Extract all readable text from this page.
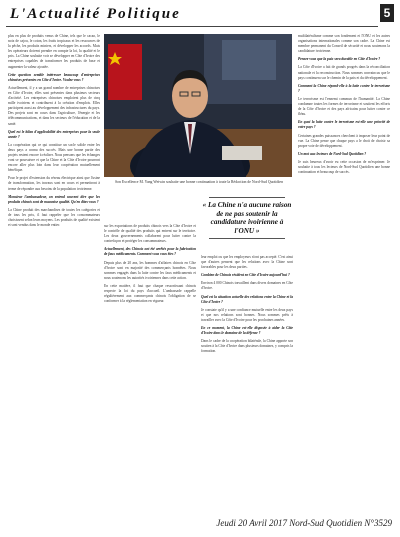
L'Actualité Politique	5

plus en plus de produits venus de Chine, tels que le cacao, le noix de cajou, le coton, les fruits tropicaux et les ressources de la pêche, les produits miniers, et développer les accords. Mais les opérateurs doivent prendre en compte la loi, la qualité et le prix. La Chine souhaite voir se développer en Côte d'Ivoire des entreprises capables de transformer les produits de base et augmenter la valeur ajoutée.

Cette question semble intéresser beaucoup d'entreprises chinoises présentes en Côte d'Ivoire. Voulez-vous ?

Actuellement, il y a un grand nombre de entreprises chinoises en Côte d'Ivoire, elles sont présentes dans plusieurs secteurs d'activité. Les entreprises chinoises emploient plus de cinq mille ivoiriens et contribuent à la création d'emplois. Elles participent aussi au développement des infrastructures du pays. Des projets sont en cours dans l'agriculture, l'énergie et les télécommunications, et dans les secteurs de l'éducation et de la santé.

Quel est le bilan d'applicabilité des entreprises pour la seule année ?

La coopération qui ce qui constitue un socle solide entre les deux pays a connu des succès. Mais une bonne partie des projets restent encore à réaliser. Nous pensons que les échanges vont se poursuivre et que la Chine et la Côte d'Ivoire pourront encore aller plus loin dans leur coopération mutuellement bénéfique.

Pour le projet d'extension du réseau électrique ainsi que l'usine de transformation, les travaux sont en cours et permettront à terme de répondre aux besoins de la population ivoirienne.

Monsieur l'ambassadeur, on entend souvent dire que les produits chinois sont de mauvaise qualité. Qu'en dites-vous ?

La Chine produit des marchandises de toutes les catégories et de tous les prix, il faut rappeler que les consommateurs choisissent selon leurs moyens. Les produits de qualité existent et sont vendus dans le monde entier.

Son Excellence M. Yang Weiwin souhaite une bonne continuation à toute la Rédaction de Nord-Sud Quotidien

sur les exportations de produits chinois vers la Côte d'Ivoire et le contrôle de qualité des produits qui entrent sur le territoire. Les deux gouvernements collaborent pour lutter contre la contrefaçon et protéger les consommateurs.

Actuellement, des Chinois ont été arrêtés pour la fabrication de faux médicaments. Comment vous vous êtes ?

Depuis plus de 20 ans, les hommes d'affaires chinois en Côte d'Ivoire sont en majorité des commerçants honnêtes. Nous sommes engagés dans la lutte contre les faux médicaments et nous soutenons les autorités ivoiriennes dans cette action.

En cette matière, il faut que chaque ressortissant chinois respecte la loi du pays d'accueil. L'ambassade rappelle régulièrement aux commerçants chinois l'obligation de se conformer à la réglementation en vigueur.

« La Chine n'a aucune raison de ne pas soutenir la candidature ivoirienne à l'ONU »

leur emploi ou que les employeurs n'ont pas accepté. C'est ainsi que d'autres pensent que les relations avec la Chine sont favorables pour les deux parties.

Combien de Chinois résident en Côte d'Ivoire aujourd'hui ?

Environ 4 000 Chinois travaillent dans divers domaines en Côte d'Ivoire.

Quel est la situation actuelle des relations entre la Chine et la Côte d'Ivoire ?

Je constate qu'il y a une confiance mutuelle entre les deux pays et que nos relations sont bonnes. Nous sommes prêts à travailler avec la Côte d'Ivoire pour les prochaines années.

En ce moment, la Chine est-elle disposée à aider la Côte d'Ivoire dans le domaine de la défense ?

Dans le cadre de la coopération bilatérale, la Chine apporte son soutien à la Côte d'Ivoire dans plusieurs domaines, y compris la formation.

multilatéralisme comme son fondement et l'ONU et les autres organisations internationales comme son cadre. La Chine est membre permanent du Conseil de sécurité et nous soutenons la candidature ivoirienne.

Pensez-vous que la paix sera durable en Côte d'Ivoire ?

La Côte d'Ivoire a fait de grands progrès dans la réconciliation nationale et la reconstruction. Nous sommes convaincus que le pays continuera sur le chemin de la paix et du développement.

Comment la Chine répond-elle à la lutte contre le terrorisme ?

Le terrorisme est l'ennemi commun de l'humanité. La Chine condamne toutes les formes de terrorisme et soutient les efforts de la Côte d'Ivoire et des pays africains pour lutter contre ce fléau.

En quoi la lutte contre le terrorisme est-elle une priorité de votre pays ?

Certaines grandes puissances cherchent à imposer leur point de vue. La Chine pense que chaque pays a le droit de choisir sa propre voie de développement.

Un mot aux lecteurs de Nord-Sud Quotidien ?

Je suis heureux d'avoir eu cette occasion de m'exprimer. Je souhaite à tous les lecteurs de Nord-Sud Quotidien une bonne continuation et beaucoup de succès.

Jeudi 20 Avril 2017 Nord-Sud Quotidien N°3529
